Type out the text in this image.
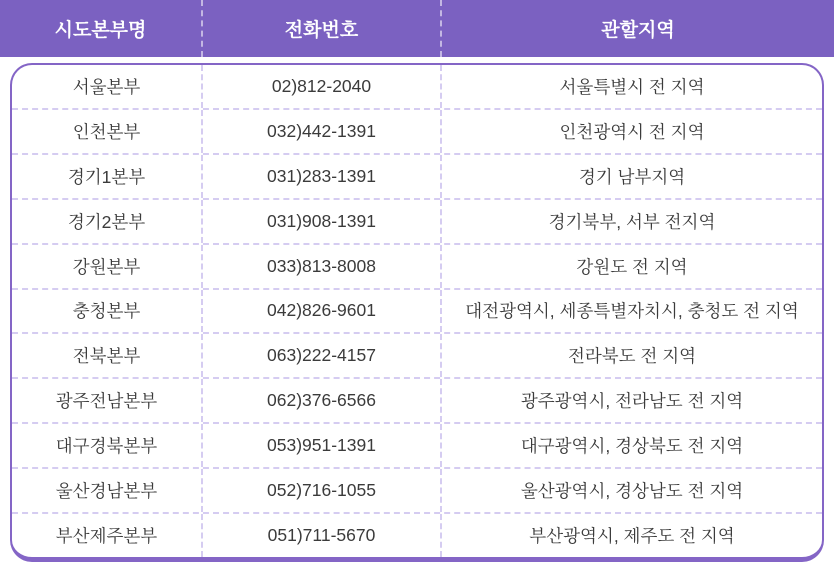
시도본부명	전화번호	관할지역
서울본부	02)812-2040	서울특별시 전 지역
인천본부	032)442-1391	인천광역시 전 지역
경기1본부	031)283-1391	경기 남부지역
경기2본부	031)908-1391	경기북부, 서부 전지역
강원본부	033)813-8008	강원도 전 지역
충청본부	042)826-9601	대전광역시, 세종특별자치시, 충청도 전 지역
전북본부	063)222-4157	전라북도 전 지역
광주전남본부	062)376-6566	광주광역시, 전라남도 전 지역
대구경북본부	053)951-1391	대구광역시, 경상북도 전 지역
울산경남본부	052)716-1055	울산광역시, 경상남도 전 지역
부산제주본부	051)711-5670	부산광역시, 제주도 전 지역
